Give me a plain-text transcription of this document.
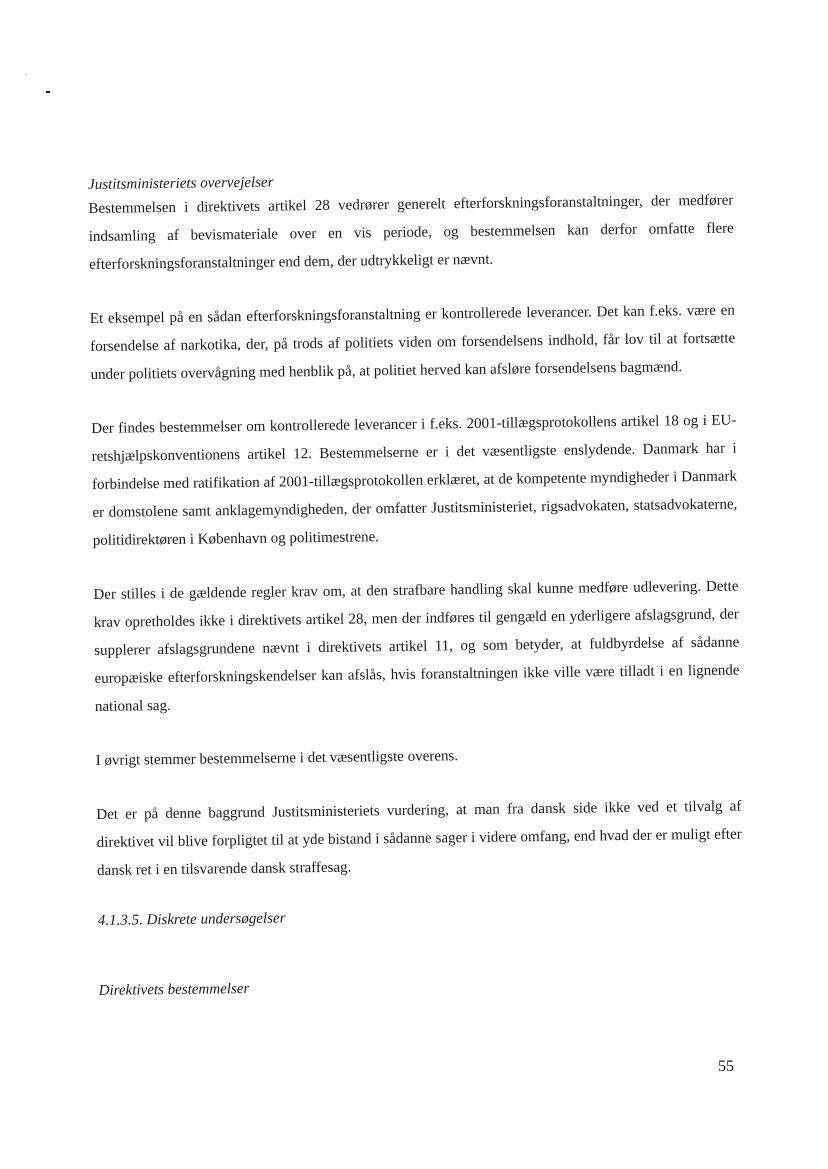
Justitsministeriets overvejelser

Bestemmelsen i direktivets artikel 28 vedrører generelt efterforskningsforanstaltninger, der medfører indsamling af bevismateriale over en vis periode, og bestemmelsen kan derfor omfatte flere efterforskningsforanstaltninger end dem, der udtrykkeligt er nævnt.

Et eksempel på en sådan efterforskningsforanstaltning er kontrollerede leverancer. Det kan f.eks. være en forsendelse af narkotika, der, på trods af politiets viden om forsendelsens indhold, får lov til at fortsætte under politiets overvågning med henblik på, at politiet herved kan afsløre forsendelsens bagmænd.

Der findes bestemmelser om kontrollerede leverancer i f.eks. 2001-tillægsprotokollens artikel 18 og i EU-retshjælpskonventionens artikel 12. Bestemmelserne er i det væsentligste enslydende. Danmark har i forbindelse med ratifikation af 2001-tillægsprotokollen erklæret, at de kompetente myndigheder i Danmark er domstolene samt anklagemyndigheden, der omfatter Justitsministeriet, rigsadvokaten, statsadvokaterne, politidirektøren i København og politimestrene.

Der stilles i de gældende regler krav om, at den strafbare handling skal kunne medføre udlevering. Dette krav opretholdes ikke i direktivets artikel 28, men der indføres til gengæld en yderligere afslagsgrund, der supplerer afslagsgrundene nævnt i direktivets artikel 11, og som betyder, at fuldbyrdelse af sådanne europæiske efterforskningskendelser kan afslås, hvis foranstaltningen ikke ville være tilladt i en lignende national sag.

I øvrigt stemmer bestemmelserne i det væsentligste overens.

Det er på denne baggrund Justitsministeriets vurdering, at man fra dansk side ikke ved et tilvalg af direktivet vil blive forpligtet til at yde bistand i sådanne sager i videre omfang, end hvad der er muligt efter dansk ret i en tilsvarende dansk straffesag.

4.1.3.5. Diskrete undersøgelser

Direktivets bestemmelser

55
